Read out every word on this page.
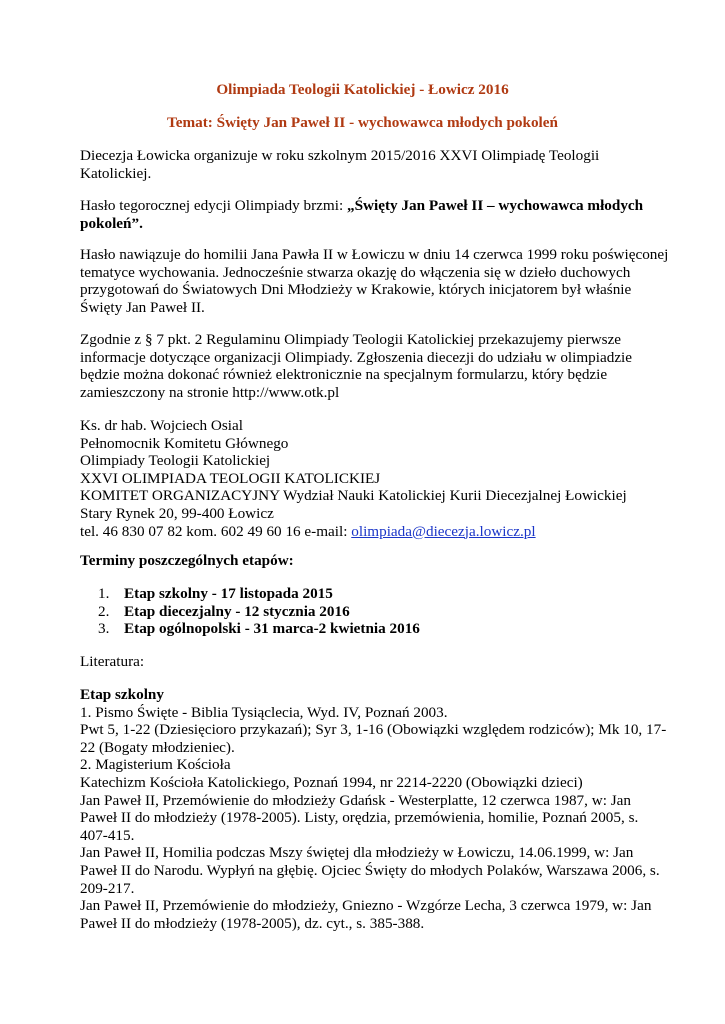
Olimpiada Teologii Katolickiej - Łowicz 2016
Temat: Święty Jan Paweł II - wychowawca młodych pokoleń
Diecezja Łowicka organizuje w roku szkolnym 2015/2016 XXVI Olimpiadę Teologii
Katolickiej.
Hasło tegorocznej edycji Olimpiady brzmi: „Święty Jan Paweł II – wychowawca młodych
pokoleń”.
Hasło nawiązuje do homilii Jana Pawła II w Łowiczu w dniu 14 czerwca 1999 roku poświęconej
tematyce wychowania. Jednocześnie stwarza okazję do włączenia się w dzieło duchowych
przygotowań do Światowych Dni Młodzieży w Krakowie, których inicjatorem był właśnie
Święty Jan Paweł II.
Zgodnie z § 7 pkt. 2 Regulaminu Olimpiady Teologii Katolickiej przekazujemy pierwsze
informacje dotyczące organizacji Olimpiady. Zgłoszenia diecezji do udziału w olimpiadzie
będzie można dokonać również elektronicznie na specjalnym formularzu, który będzie
zamieszczony na stronie http://www.otk.pl
Ks. dr hab. Wojciech Osial
Pełnomocnik Komitetu Głównego
Olimpiady Teologii Katolickiej
XXVI OLIMPIADA TEOLOGII KATOLICKIEJ
KOMITET ORGANIZACYJNY Wydział Nauki Katolickiej Kurii Diecezjalnej Łowickiej
Stary Rynek 20, 99-400 Łowicz
tel. 46 830 07 82 kom. 602 49 60 16 e-mail: olimpiada@diecezja.lowicz.pl
Terminy poszczególnych etapów:
1. Etap szkolny - 17 listopada 2015
2. Etap diecezjalny - 12 stycznia 2016
3. Etap ogólnopolski - 31 marca-2 kwietnia 2016
Literatura:
Etap szkolny
1. Pismo Święte - Biblia Tysiąclecia, Wyd. IV, Poznań 2003.
Pwt 5, 1-22 (Dziesięcioro przykazań); Syr 3, 1-16 (Obowiązki względem rodziców); Mk 10, 17-
22 (Bogaty młodzieniec).
2. Magisterium Kościoła
Katechizm Kościoła Katolickiego, Poznań 1994, nr 2214-2220 (Obowiązki dzieci)
Jan Paweł II, Przemówienie do młodzieży Gdańsk - Westerplatte, 12 czerwca 1987, w: Jan
Paweł II do młodzieży (1978-2005). Listy, orędzia, przemówienia, homilie, Poznań 2005, s.
407-415.
Jan Paweł II, Homilia podczas Mszy świętej dla młodzieży w Łowiczu, 14.06.1999, w: Jan
Paweł II do Narodu. Wypłyń na głębię. Ojciec Święty do młodych Polaków, Warszawa 2006, s.
209-217.
Jan Paweł II, Przemówienie do młodzieży, Gniezno - Wzgórze Lecha, 3 czerwca 1979, w: Jan
Paweł II do młodzieży (1978-2005), dz. cyt., s. 385-388.
